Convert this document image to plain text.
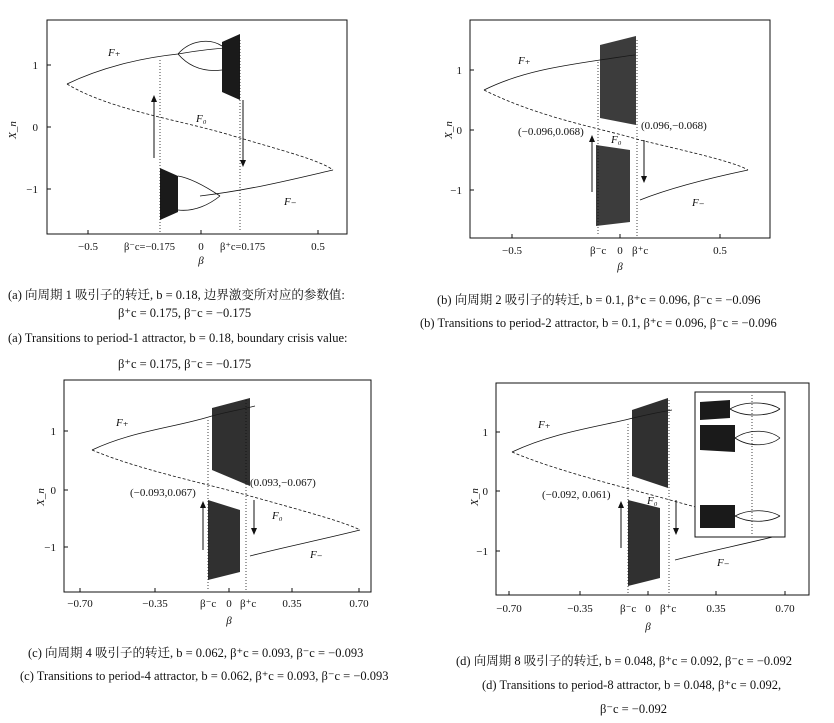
1
0
−1
−0.5	0	0.5
X_n
β
β⁻c=−0.175	β⁺c=0.175
F₊
F₀
F₋
1
0
−1
−0.5	0	0.5
X_n
β
β⁻c β⁺c
(−0.096,0.068)	(0.096,−0.068)
F₊
F₀
F₋
1
0
−1
−0.70	−0.35	0	0.35	0.70
X_n
β
β⁻c β⁺c
(−0.093,0.067)
(0.093,−0.067)
F₊
F₀
F₋
1
0
−1
−0.70	−0.35	0	0.35	0.70
X_n
β
β⁻c β⁺c
(−0.092, 0.061)
F₊
F₀
F₋
(a) 向周期 1 吸引子的转迁, b = 0.18, 边界激变所对应的参数值:
β⁺c = 0.175, β⁻c = −0.175
(a) Transitions to period-1 attractor, b = 0.18, boundary crisis value:
β⁺c = 0.175, β⁻c = −0.175
(b) 向周期 2 吸引子的转迁, b = 0.1, β⁺c = 0.096, β⁻c = −0.096
(b) Transitions to period-2 attractor, b = 0.1, β⁺c = 0.096, β⁻c = −0.096
(c) 向周期 4 吸引子的转迁, b = 0.062, β⁺c = 0.093, β⁻c = −0.093
(c) Transitions to period-4 attractor, b = 0.062, β⁺c = 0.093, β⁻c = −0.093
(d) 向周期 8 吸引子的转迁, b = 0.048, β⁺c = 0.092, β⁻c = −0.092
(d) Transitions to period-8 attractor, b = 0.048, β⁺c = 0.092,
β⁻c = −0.092
